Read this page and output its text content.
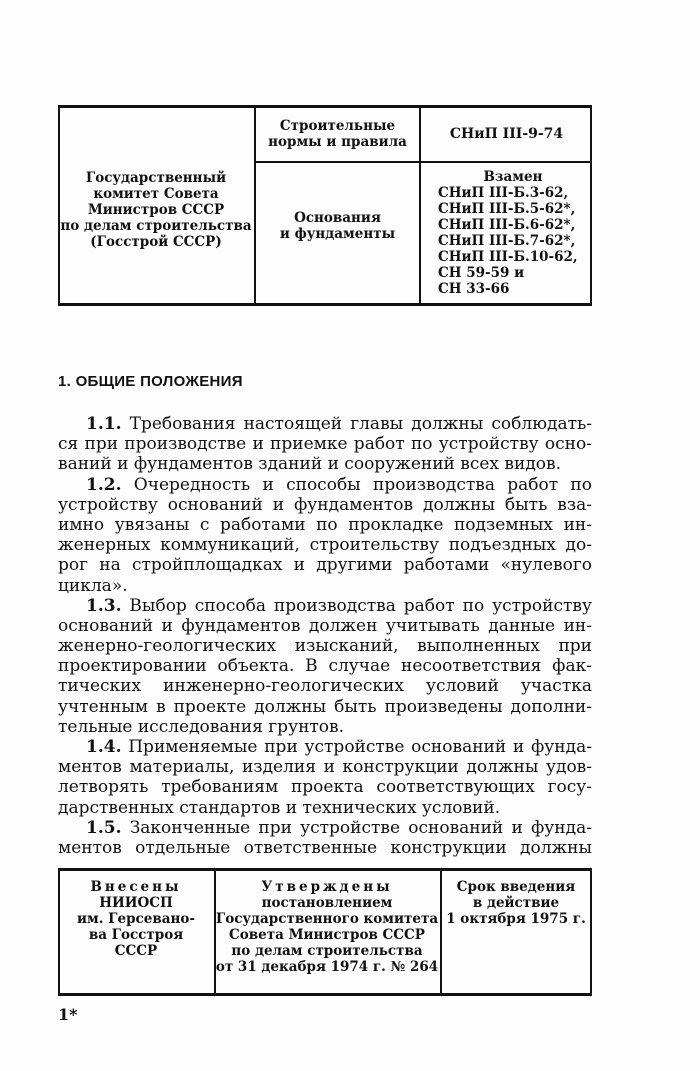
Государственный
комитет Совета
Министров СССР
по делам строительства
(Госстрой СССР)
Строительные
нормы и правила	СНиП III-9-74
Основания
и фундаменты
Взамен
СНиП III-Б.3-62,
СНиП III-Б.5-62*,
СНиП III-Б.6-62*,
СНиП III-Б.7-62*,
СНиП III-Б.10-62,
СН 59-59 и
СН 33-66
1. ОБЩИЕ ПОЛОЖЕНИЯ
1.1. Требования настоящей главы должны соблюдать-
ся при производстве и приемке работ по устройству осно-
ваний и фундаментов зданий и сооружений всех видов.
1.2. Очередность и способы производства работ по
устройству оснований и фундаментов должны быть вза-
имно увязаны с работами по прокладке подземных ин-
женерных коммуникаций, строительству подъездных до-
рог на стройплощадках и другими работами «нулевого
цикла».
1.3. Выбор способа производства работ по устройству
оснований и фундаментов должен учитывать данные ин-
женерно-геологических изысканий, выполненных при
проектировании объекта. В случае несоответствия фак-
тических инженерно-геологических условий участка
учтенным в проекте должны быть произведены дополни-
тельные исследования грунтов.
1.4. Применяемые при устройстве оснований и фунда-
ментов материалы, изделия и конструкции должны удов-
летворять требованиям проекта соответствующих госу-
дарственных стандартов и технических условий.
1.5. Законченные при устройстве оснований и фунда-
ментов отдельные ответственные конструкции должны
Внесены
НИИОСП
им. Герсевано-
ва Госстроя
СССР
Утверждены
постановлением
Государственного комитета
Совета Министров СССР
по делам строительства
от 31 декабря 1974 г. № 264
Срок введения
в действие
1 октября 1975 г.
1*
